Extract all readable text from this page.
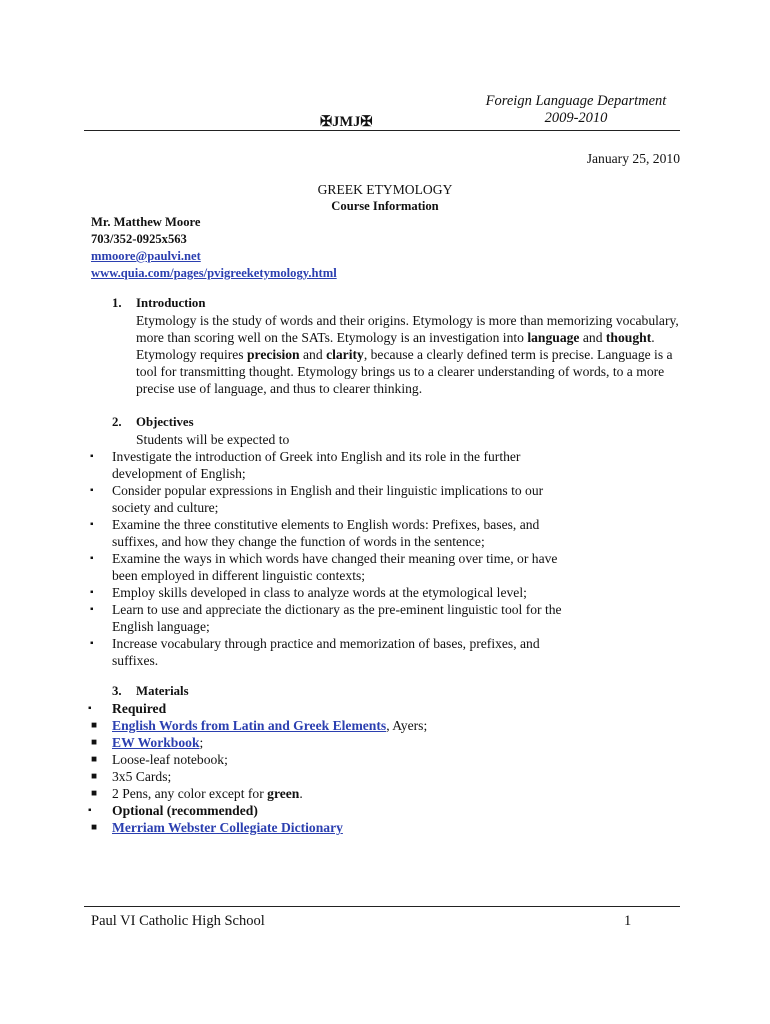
Foreign Language Department
2009-2010
✠JMJ✠
January 25, 2010
GREEK ETYMOLOGY
Course Information
Mr. Matthew Moore
703/352-0925x563
mmoore@paulvi.net
www.quia.com/pages/pvigreeketymology.html
1. Introduction
Etymology is the study of words and their origins. Etymology is more than memorizing vocabulary, more than scoring well on the SATs. Etymology is an investigation into language and thought. Etymology requires precision and clarity, because a clearly defined term is precise. Language is a tool for transmitting thought. Etymology brings us to a clearer understanding of words, to a more precise use of language, and thus to clearer thinking.
2. Objectives
Students will be expected to
▪ Investigate the introduction of Greek into English and its role in the further development of English;
▪ Consider popular expressions in English and their linguistic implications to our society and culture;
▪ Examine the three constitutive elements to English words: Prefixes, bases, and suffixes, and how they change the function of words in the sentence;
▪ Examine the ways in which words have changed their meaning over time, or have been employed in different linguistic contexts;
▪ Employ skills developed in class to analyze words at the etymological level;
▪ Learn to use and appreciate the dictionary as the pre-eminent linguistic tool for the English language;
▪ Increase vocabulary through practice and memorization of bases, prefixes, and suffixes.
3. Materials
▪ Required
■ English Words from Latin and Greek Elements, Ayers;
■ EW Workbook;
■ Loose-leaf notebook;
■ 3x5 Cards;
■ 2 Pens, any color except for green.
▪ Optional (recommended)
■ Merriam Webster Collegiate Dictionary
Paul VI Catholic High School	1
